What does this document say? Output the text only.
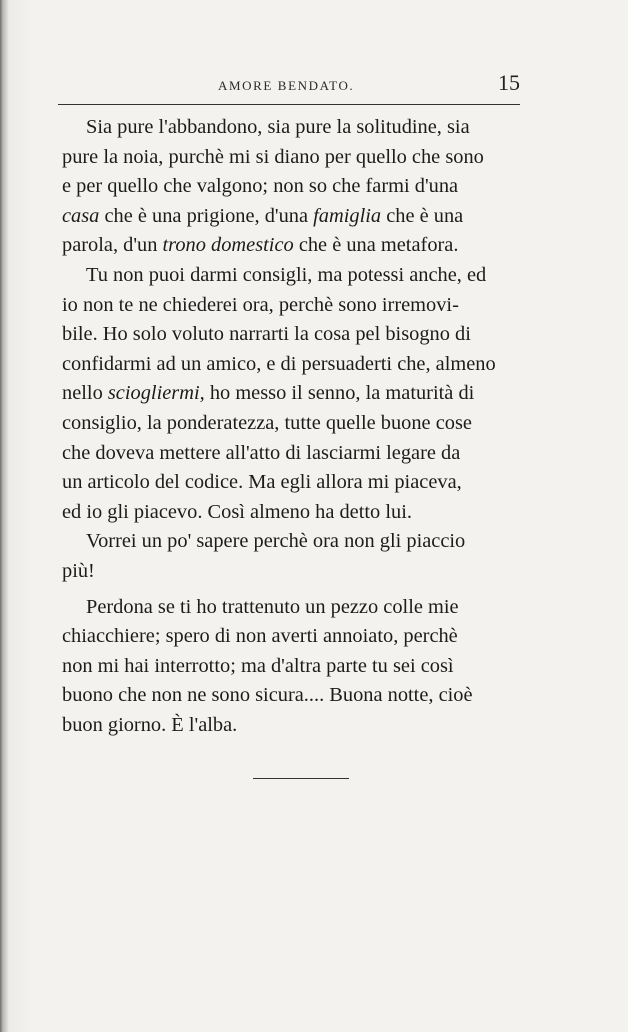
AMORE BENDATO.	15

Sia pure l'abbandono, sia pure la solitudine, sia
pure la noia, purchè mi si diano per quello che sono
e per quello che valgono; non so che farmi d'una
casa che è una prigione, d'una famiglia che è una
parola, d'un trono domestico che è una metafora.

Tu non puoi darmi consigli, ma potessi anche, ed
io non te ne chiederei ora, perchè sono irremovi-
bile. Ho solo voluto narrarti la cosa pel bisogno di
confidarmi ad un amico, e di persuaderti che, almeno
nello sciogliermi, ho messo il senno, la maturità di
consiglio, la ponderatezza, tutte quelle buone cose
che doveva mettere all'atto di lasciarmi legare da
un articolo del codice. Ma egli allora mi piaceva,
ed io gli piacevo. Così almeno ha detto lui.

Vorrei un po' sapere perchè ora non gli piaccio
più!

Perdona se ti ho trattenuto un pezzo colle mie
chiacchiere; spero di non averti annoiato, perchè
non mi hai interrotto; ma d'altra parte tu sei così
buono che non ne sono sicura.... Buona notte, cioè
buon giorno. È l'alba.
